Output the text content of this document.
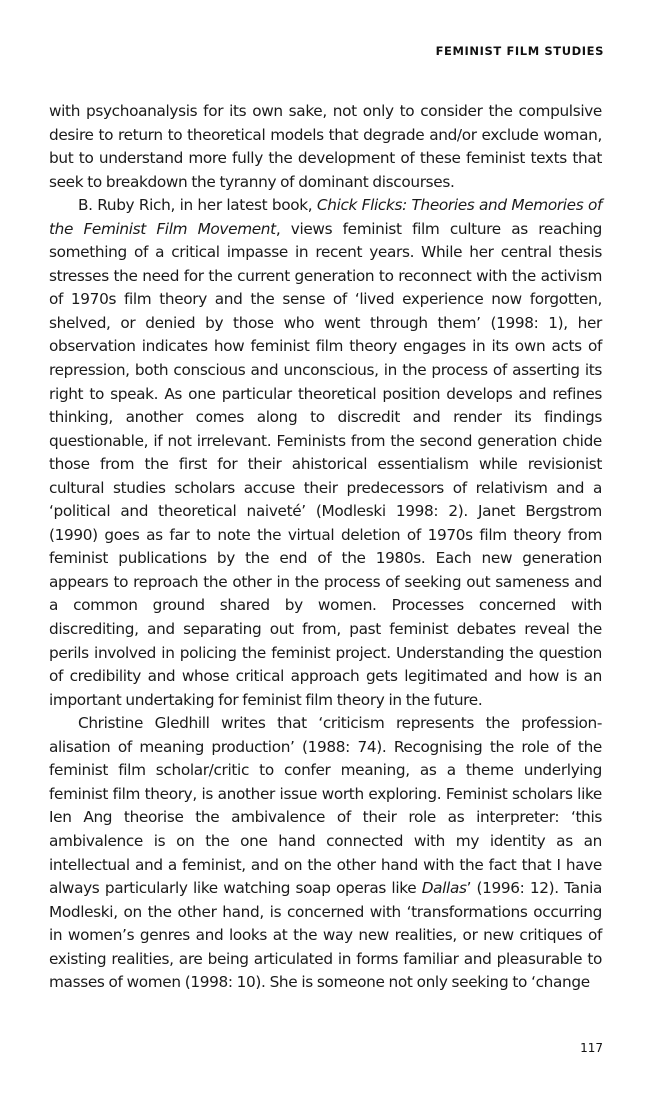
FEMINIST FILM STUDIES

with psychoanalysis for its own sake, not only to consider the compulsive desire to return to theoretical models that degrade and/or exclude woman, but to understand more fully the development of these feminist texts that seek to breakdown the tyranny of dominant discourses.

B. Ruby Rich, in her latest book, Chick Flicks: Theories and Memories of the Feminist Film Movement, views feminist film culture as reaching something of a critical impasse in recent years. While her central thesis stresses the need for the current generation to reconnect with the activism of 1970s film theory and the sense of ‘lived experience now forgotten, shelved, or denied by those who went through them’ (1998: 1), her observation indicates how feminist film theory engages in its own acts of repression, both conscious and unconscious, in the process of asserting its right to speak. As one particular theoretical position develops and refines thinking, another comes along to discredit and render its findings questionable, if not irrelevant. Feminists from the second generation chide those from the first for their ahistorical essentialism while revisionist cultural studies scholars accuse their predecessors of relativism and a ‘political and theoretical naiveté’ (Modleski 1998: 2). Janet Bergstrom (1990) goes as far to note the virtual deletion of 1970s film theory from feminist publications by the end of the 1980s. Each new generation appears to reproach the other in the process of seeking out sameness and a common ground shared by women. Processes concerned with discrediting, and separating out from, past feminist debates reveal the perils involved in policing the feminist project. Understanding the question of credibility and whose critical approach gets legitimated and how is an important undertaking for feminist film theory in the future.

Christine Gledhill writes that ‘criticism represents the profession-alisation of meaning production’ (1988: 74). Recognising the role of the feminist film scholar/critic to confer meaning, as a theme underlying feminist film theory, is another issue worth exploring. Feminist scholars like Ien Ang theorise the ambivalence of their role as interpreter: ‘this ambivalence is on the one hand connected with my identity as an intellectual and a feminist, and on the other hand with the fact that I have always particularly like watching soap operas like Dallas’ (1996: 12). Tania Modleski, on the other hand, is concerned with ‘transformations occurring in women’s genres and looks at the way new realities, or new critiques of existing realities, are being articulated in forms familiar and pleasurable to masses of women (1998: 10). She is someone not only seeking to ‘change

117
